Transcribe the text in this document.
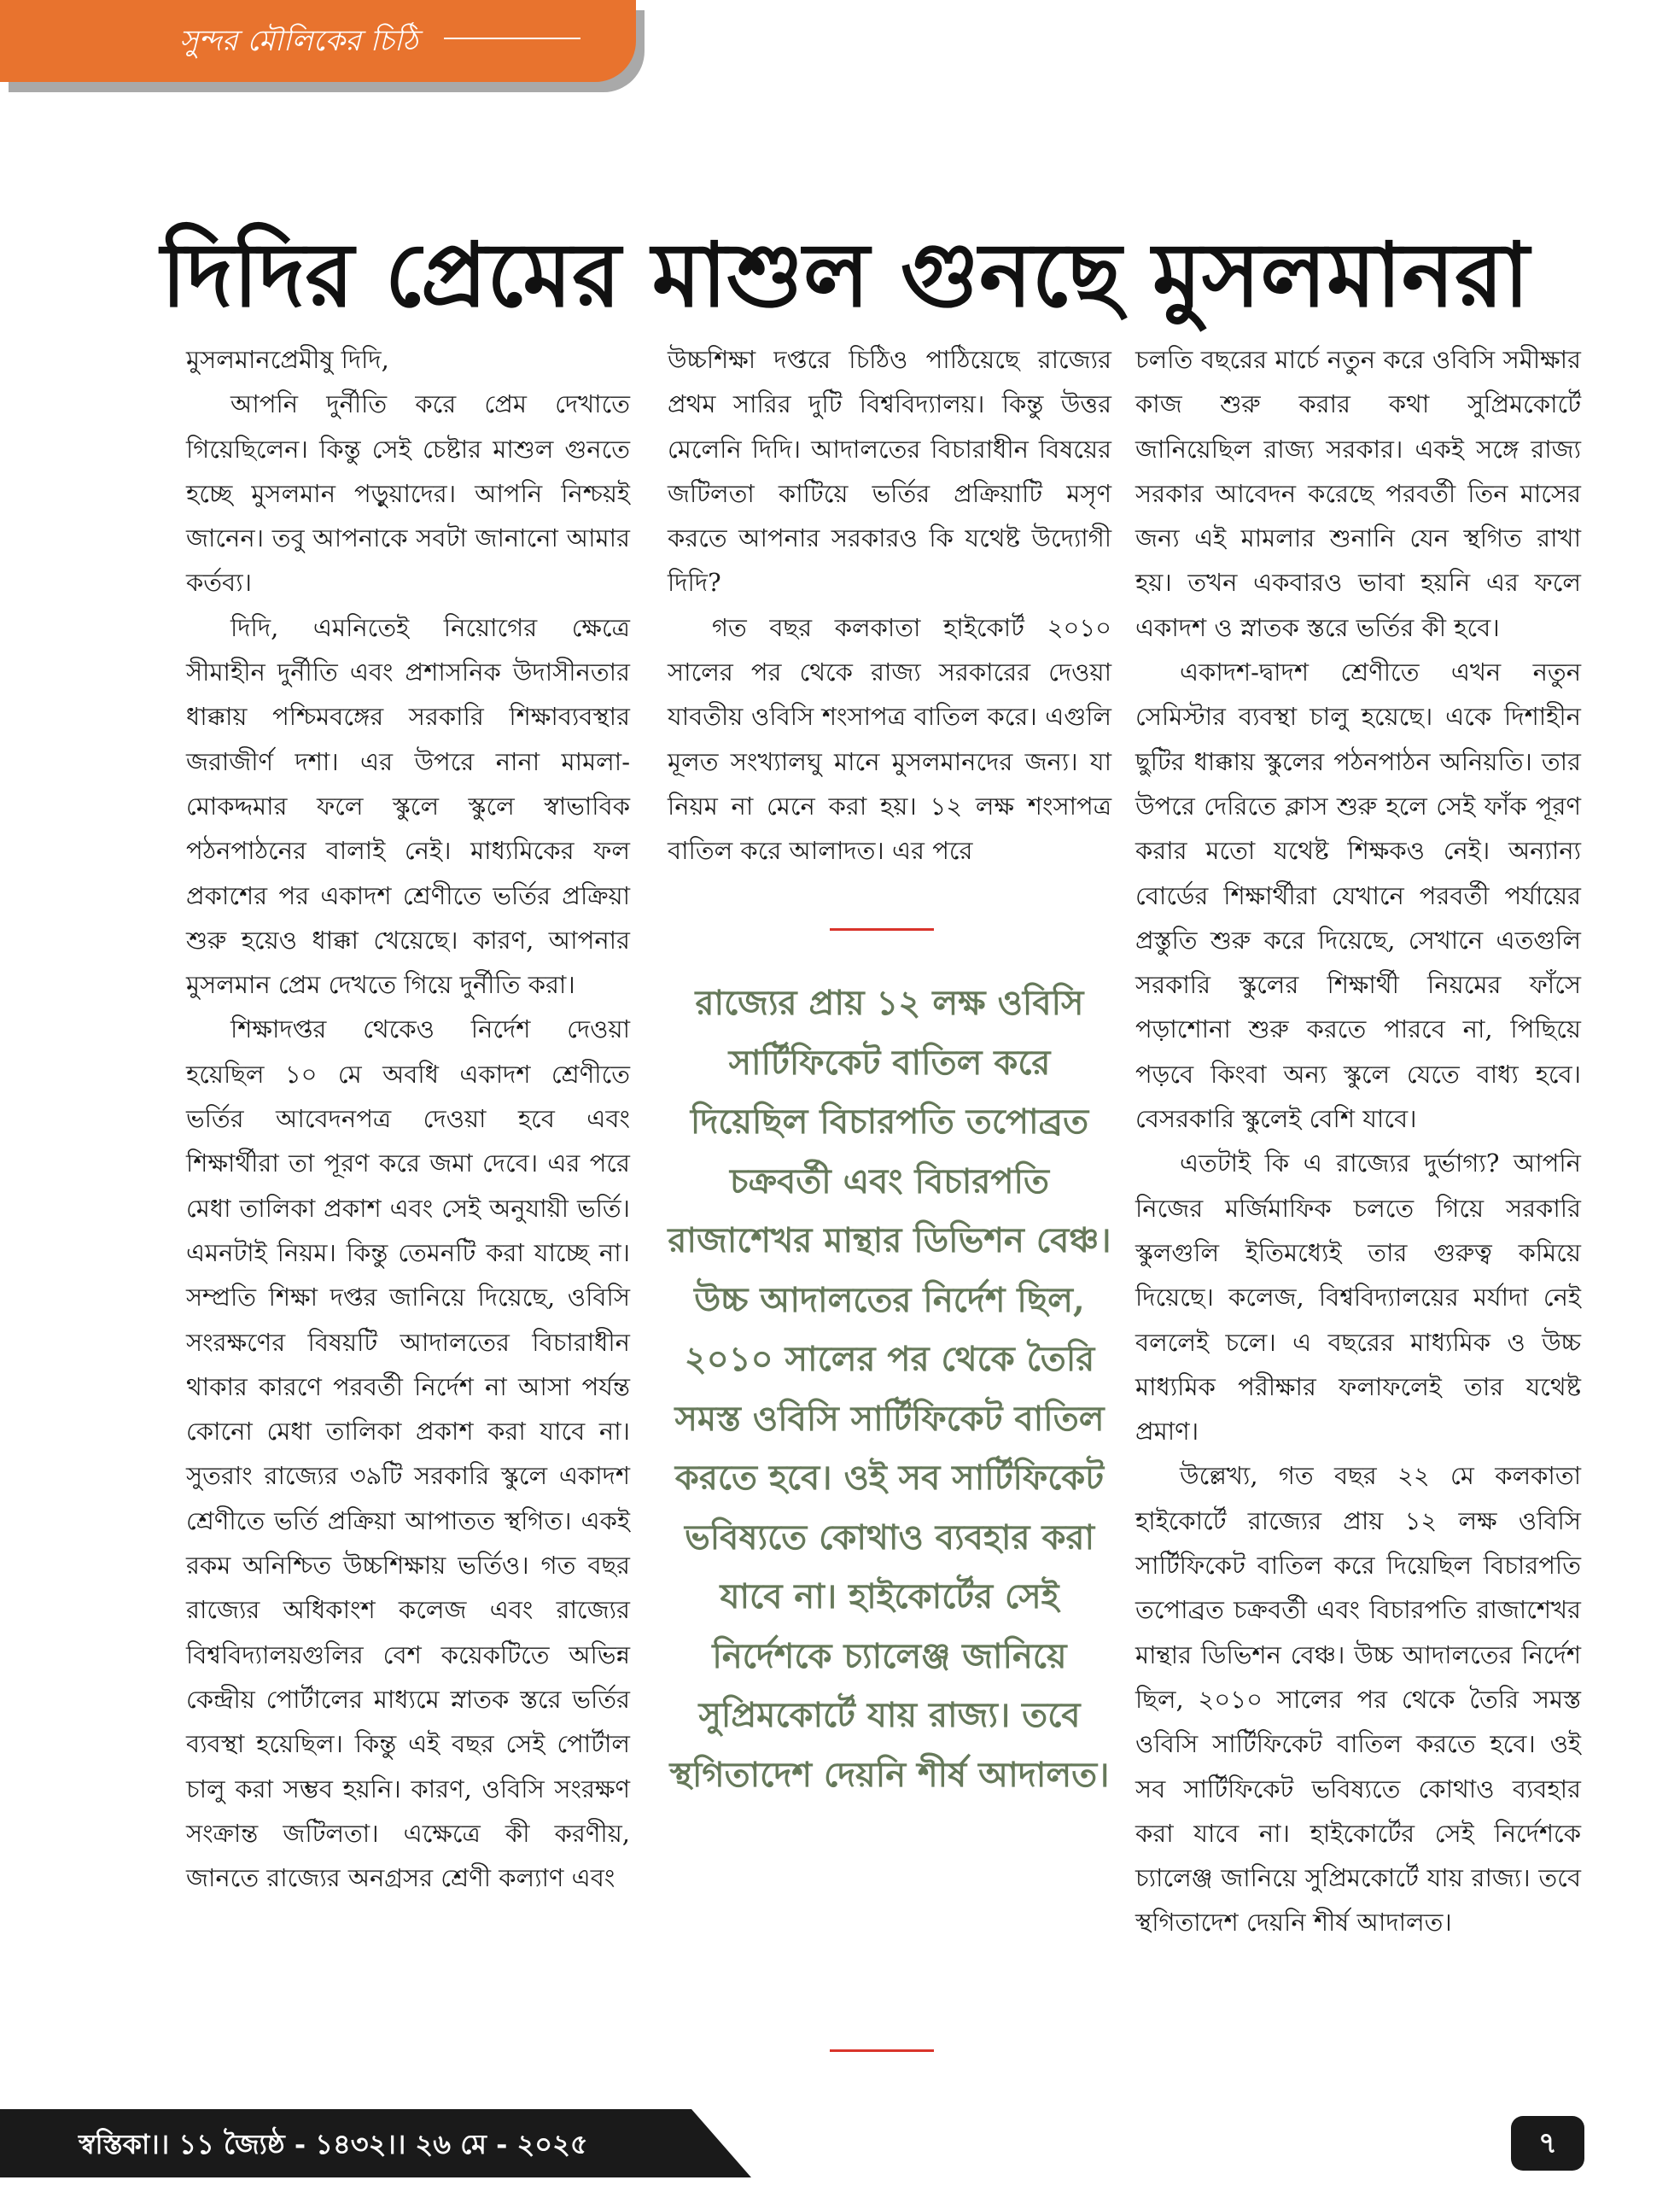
সুন্দর মৌলিকের চিঠি
দিদির প্রেমের মাশুল গুনছে মুসলমানরা

মুসলমানপ্রেমীষু দিদি,

আপনি দুর্নীতি করে প্রেম দেখাতে গিয়েছিলেন। কিন্তু সেই চেষ্টার মাশুল গুনতে হচ্ছে মুসলমান পড়ুয়াদের। আপনি নিশ্চয়ই জানেন। তবু আপনাকে সবটা জানানো আমার কর্তব্য।

দিদি, এমনিতেই নিয়োগের ক্ষেত্রে সীমাহীন দুর্নীতি এবং প্রশাসনিক উদাসীনতার ধাক্কায় পশ্চিমবঙ্গের সরকারি শিক্ষাব্যবস্থার জরাজীর্ণ দশা। এর উপরে নানা মামলা-মোকদ্দমার ফলে স্কুলে স্কুলে স্বাভাবিক পঠনপাঠনের বালাই নেই। মাধ্যমিকের ফল প্রকাশের পর একাদশ শ্রেণীতে ভর্তির প্রক্রিয়া শুরু হয়েও ধাক্কা খেয়েছে। কারণ, আপনার মুসলমান প্রেম দেখতে গিয়ে দুর্নীতি করা।

শিক্ষাদপ্তর থেকেও নির্দেশ দেওয়া হয়েছিল ১০ মে অবধি একাদশ শ্রেণীতে ভর্তির আবেদনপত্র দেওয়া হবে এবং শিক্ষার্থীরা তা পূরণ করে জমা দেবে। এর পরে মেধা তালিকা প্রকাশ এবং সেই অনুযায়ী ভর্তি। এমনটাই নিয়ম। কিন্তু তেমনটি করা যাচ্ছে না। সম্প্রতি শিক্ষা দপ্তর জানিয়ে দিয়েছে, ওবিসি সংরক্ষণের বিষয়টি আদালতের বিচারাধীন থাকার কারণে পরবর্তী নির্দেশ না আসা পর্যন্ত কোনো মেধা তালিকা প্রকাশ করা যাবে না। সুতরাং রাজ্যের ৩৯টি সরকারি স্কুলে একাদশ শ্রেণীতে ভর্তি প্রক্রিয়া আপাতত স্থগিত। একই রকম অনিশ্চিত উচ্চশিক্ষায় ভর্তিও। গত বছর রাজ্যের অধিকাংশ কলেজ এবং রাজ্যের বিশ্ববিদ্যালয়গুলির বেশ কয়েকটিতে অভিন্ন কেন্দ্রীয় পোর্টালের মাধ্যমে স্নাতক স্তরে ভর্তির ব্যবস্থা হয়েছিল। কিন্তু এই বছর সেই পোর্টাল চালু করা সম্ভব হয়নি। কারণ, ওবিসি সংরক্ষণ সংক্রান্ত জটিলতা। এক্ষেত্রে কী করণীয়, জানতে রাজ্যের অনগ্রসর শ্রেণী কল্যাণ এবং

উচ্চশিক্ষা দপ্তরে চিঠিও পাঠিয়েছে রাজ্যের প্রথম সারির দুটি বিশ্ববিদ্যালয়। কিন্তু উত্তর মেলেনি দিদি। আদালতের বিচারাধীন বিষয়ের জটিলতা কাটিয়ে ভর্তির প্রক্রিয়াটি মসৃণ করতে আপনার সরকারও কি যথেষ্ট উদ্যোগী দিদি?

গত বছর কলকাতা হাইকোর্ট ২০১০ সালের পর থেকে রাজ্য সরকারের দেওয়া যাবতীয় ওবিসি শংসাপত্র বাতিল করে। এগুলি মূলত সংখ্যালঘু মানে মুসলমানদের জন্য। যা নিয়ম না মেনে করা হয়। ১২ লক্ষ শংসাপত্র বাতিল করে আলাদত। এর পরে

রাজ্যের প্রায় ১২ লক্ষ ওবিসি সার্টিফিকেট বাতিল করে দিয়েছিল বিচারপতি তপোব্রত চক্রবর্তী এবং বিচারপতি রাজাশেখর মান্থার ডিভিশন বেঞ্চ। উচ্চ আদালতের নির্দেশ ছিল, ২০১০ সালের পর থেকে তৈরি সমস্ত ওবিসি সার্টিফিকেট বাতিল করতে হবে। ওই সব সার্টিফিকেট ভবিষ্যতে কোথাও ব্যবহার করা যাবে না। হাইকোর্টের সেই নির্দেশকে চ্যালেঞ্জ জানিয়ে সুপ্রিমকোর্টে যায় রাজ্য। তবে স্থগিতাদেশ দেয়নি শীর্ষ আদালত।

চলতি বছরের মার্চে নতুন করে ওবিসি সমীক্ষার কাজ শুরু করার কথা সুপ্রিমকোর্টে জানিয়েছিল রাজ্য সরকার। একই সঙ্গে রাজ্য সরকার আবেদন করেছে পরবর্তী তিন মাসের জন্য এই মামলার শুনানি যেন স্থগিত রাখা হয়। তখন একবারও ভাবা হয়নি এর ফলে একাদশ ও স্নাতক স্তরে ভর্তির কী হবে।

একাদশ-দ্বাদশ শ্রেণীতে এখন নতুন সেমিস্টার ব্যবস্থা চালু হয়েছে। একে দিশাহীন ছুটির ধাক্কায় স্কুলের পঠনপাঠন অনিয়তি। তার উপরে দেরিতে ক্লাস শুরু হলে সেই ফাঁক পূরণ করার মতো যথেষ্ট শিক্ষকও নেই। অন্যান্য বোর্ডের শিক্ষার্থীরা যেখানে পরবর্তী পর্যায়ের প্রস্তুতি শুরু করে দিয়েছে, সেখানে এতগুলি সরকারি স্কুলের শিক্ষার্থী নিয়মের ফাঁসে পড়াশোনা শুরু করতে পারবে না, পিছিয়ে পড়বে কিংবা অন্য স্কুলে যেতে বাধ্য হবে। বেসরকারি স্কুলেই বেশি যাবে।

এতটাই কি এ রাজ্যের দুর্ভাগ্য? আপনি নিজের মর্জিমাফিক চলতে গিয়ে সরকারি স্কুলগুলি ইতিমধ্যেই তার গুরুত্ব কমিয়ে দিয়েছে। কলেজ, বিশ্ববিদ্যালয়ের মর্যাদা নেই বললেই চলে। এ বছরের মাধ্যমিক ও উচ্চ মাধ্যমিক পরীক্ষার ফলাফলেই তার যথেষ্ট প্রমাণ।

উল্লেখ্য, গত বছর ২২ মে কলকাতা হাইকোর্টে রাজ্যের প্রায় ১২ লক্ষ ওবিসি সার্টিফিকেট বাতিল করে দিয়েছিল বিচারপতি তপোব্রত চক্রবর্তী এবং বিচারপতি রাজাশেখর মান্থার ডিভিশন বেঞ্চ। উচ্চ আদালতের নির্দেশ ছিল, ২০১০ সালের পর থেকে তৈরি সমস্ত ওবিসি সার্টিফিকেট বাতিল করতে হবে। ওই সব সার্টিফিকেট ভবিষ্যতে কোথাও ব্যবহার করা যাবে না। হাইকোর্টের সেই নির্দেশকে চ্যালেঞ্জ জানিয়ে সুপ্রিমকোর্টে যায় রাজ্য। তবে স্থগিতাদেশ দেয়নি শীর্ষ আদালত।

স্বস্তিকা।। ১১ জ্যৈষ্ঠ - ১৪৩২।। ২৬ মে - ২০২৫	৭
